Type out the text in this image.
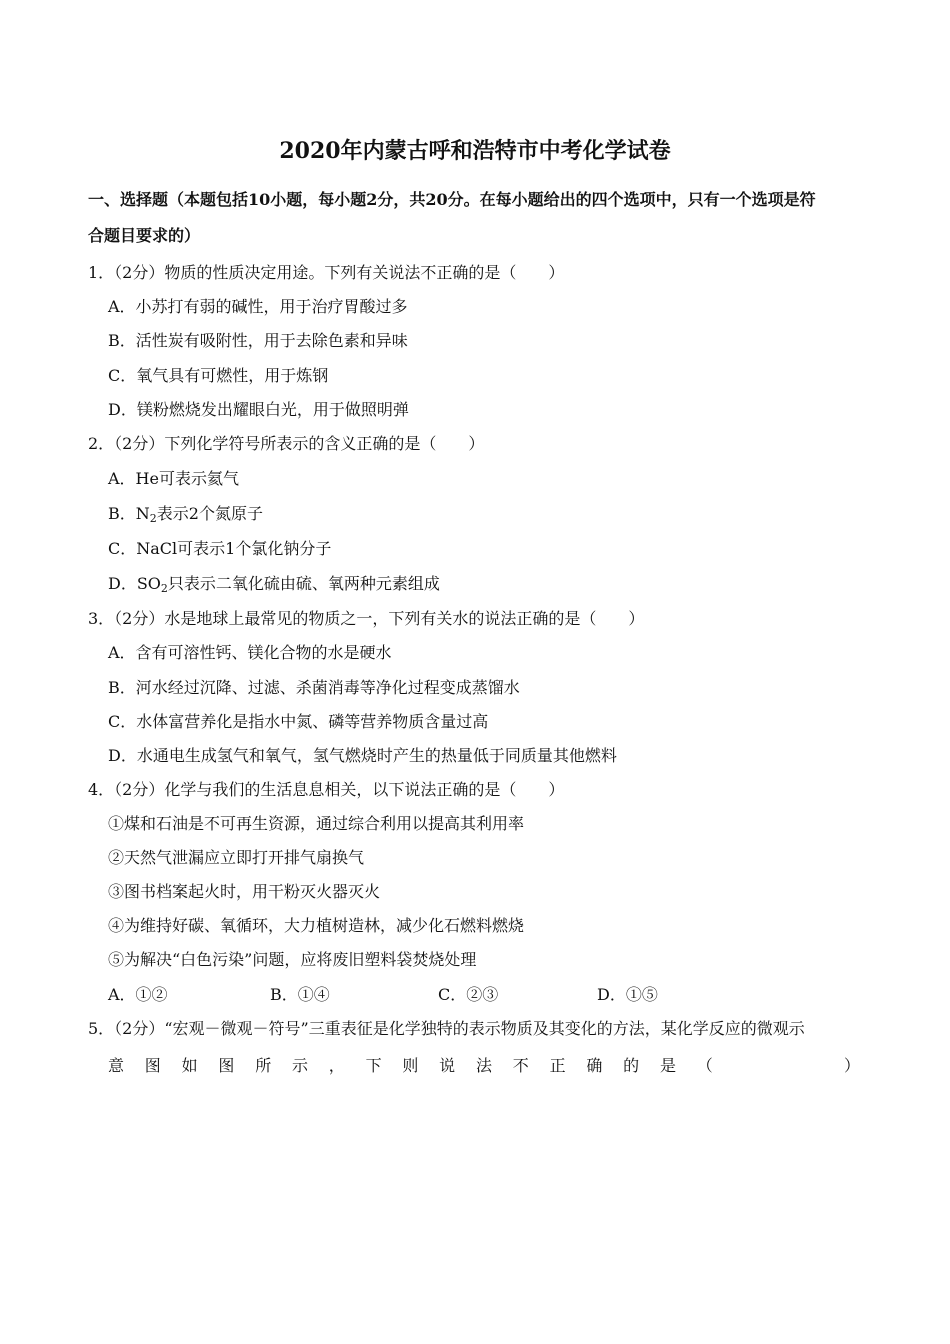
2020年内蒙古呼和浩特市中考化学试卷
一、选择题（本题包括10小题，每小题2分，共20分。在每小题给出的四个选项中，只有一个选项是符
合题目要求的）
1．（2分）物质的性质决定用途。下列有关说法不正确的是（　　）
A．小苏打有弱的碱性，用于治疗胃酸过多
B．活性炭有吸附性，用于去除色素和异味
C．氧气具有可燃性，用于炼钢
D．镁粉燃烧发出耀眼白光，用于做照明弹
2．（2分）下列化学符号所表示的含义正确的是（　　）
A．He可表示氦气
B．$N_2$表示2个氮原子
C．NaCl可表示1个氯化钠分子
D．$SO_2$只表示二氧化硫由硫、氧两种元素组成
3．（2分）水是地球上最常见的物质之一，下列有关水的说法正确的是（　　）
A．含有可溶性钙、镁化合物的水是硬水
B．河水经过沉降、过滤、杀菌消毒等净化过程变成蒸馏水
C．水体富营养化是指水中氮、磷等营养物质含量过高
D．水通电生成氢气和氧气，氢气燃烧时产生的热量低于同质量其他燃料
4．（2分）化学与我们的生活息息相关，以下说法正确的是（　　）
①煤和石油是不可再生资源，通过综合利用以提高其利用率
②天然气泄漏应立即打开排气扇换气
③图书档案起火时，用干粉灭火器灭火
④为维持好碳、氧循环，大力植树造林，减少化石燃料燃烧
⑤为解决“白色污染”问题，应将废旧塑料袋焚烧处理
A．①②	B．①④	C．②③	D．①⑤
5．（2分）“宏观－微观－符号”三重表征是化学独特的表示物质及其变化的方法，某化学反应的微观示
意 图 如 图 所 示 ， 下 则 说 法 不 正 确 的 是 （

　	）
